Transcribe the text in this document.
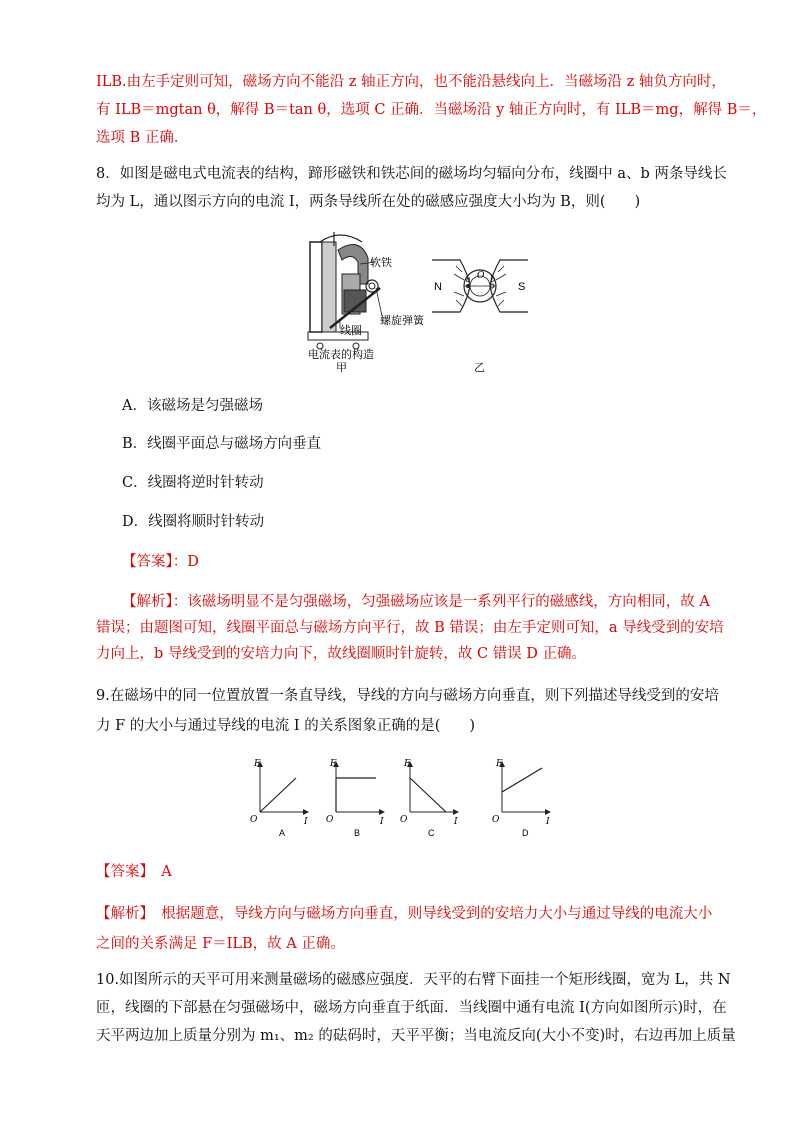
ILB.由左手定则可知，磁场方向不能沿 z 轴正方向，也不能沿悬线向上．当磁场沿 z 轴负方向时，
有 ILB＝mgtan θ，解得 B＝tan θ，选项 C 正确．当磁场沿 y 轴正方向时，有 ILB＝mg，解得 B＝，
选项 B 正确．
8．如图是磁电式电流表的结构，蹄形磁铁和铁芯间的磁场均匀辐向分布，线圈中 a、b 两条导线长
均为 L，通以图示方向的电流 I，两条导线所在处的磁感应强度大小均为 B，则(　　)
软铁
螺旋弹簧
线圈
电流表的构造
甲
N	S
O
a b
乙
A．该磁场是匀强磁场
B．线圈平面总与磁场方向垂直
C．线圈将逆时针转动
D．线圈将顺时针转动
【答案】：D
【解析】：该磁场明显不是匀强磁场，匀强磁场应该是一系列平行的磁感线，方向相同，故 A
错误；由题图可知，线圈平面总与磁场方向平行，故 B 错误；由左手定则可知，a 导线受到的安培
力向上，b 导线受到的安培力向下，故线圈顺时针旋转，故 C 错误 D 正确。
9.在磁场中的同一位置放置一条直导线，导线的方向与磁场方向垂直，则下列描述导线受到的安培
力 F 的大小与通过导线的电流 I 的关系图象正确的是(　　)
F
I
O
A
F
I
O
B
F
I
O
C
F
I
O
D
【答案】　A
【解析】　根据题意，导线方向与磁场方向垂直，则导线受到的安培力大小与通过导线的电流大小
之间的关系满足 F＝ILB，故 A 正确。
10.如图所示的天平可用来测量磁场的磁感应强度．天平的右臂下面挂一个矩形线圈，宽为 L，共 N
匝，线圈的下部悬在匀强磁场中，磁场方向垂直于纸面．当线圈中通有电流 I(方向如图所示)时，在
天平两边加上质量分别为 m₁、m₂ 的砝码时，天平平衡；当电流反向(大小不变)时，右边再加上质量
